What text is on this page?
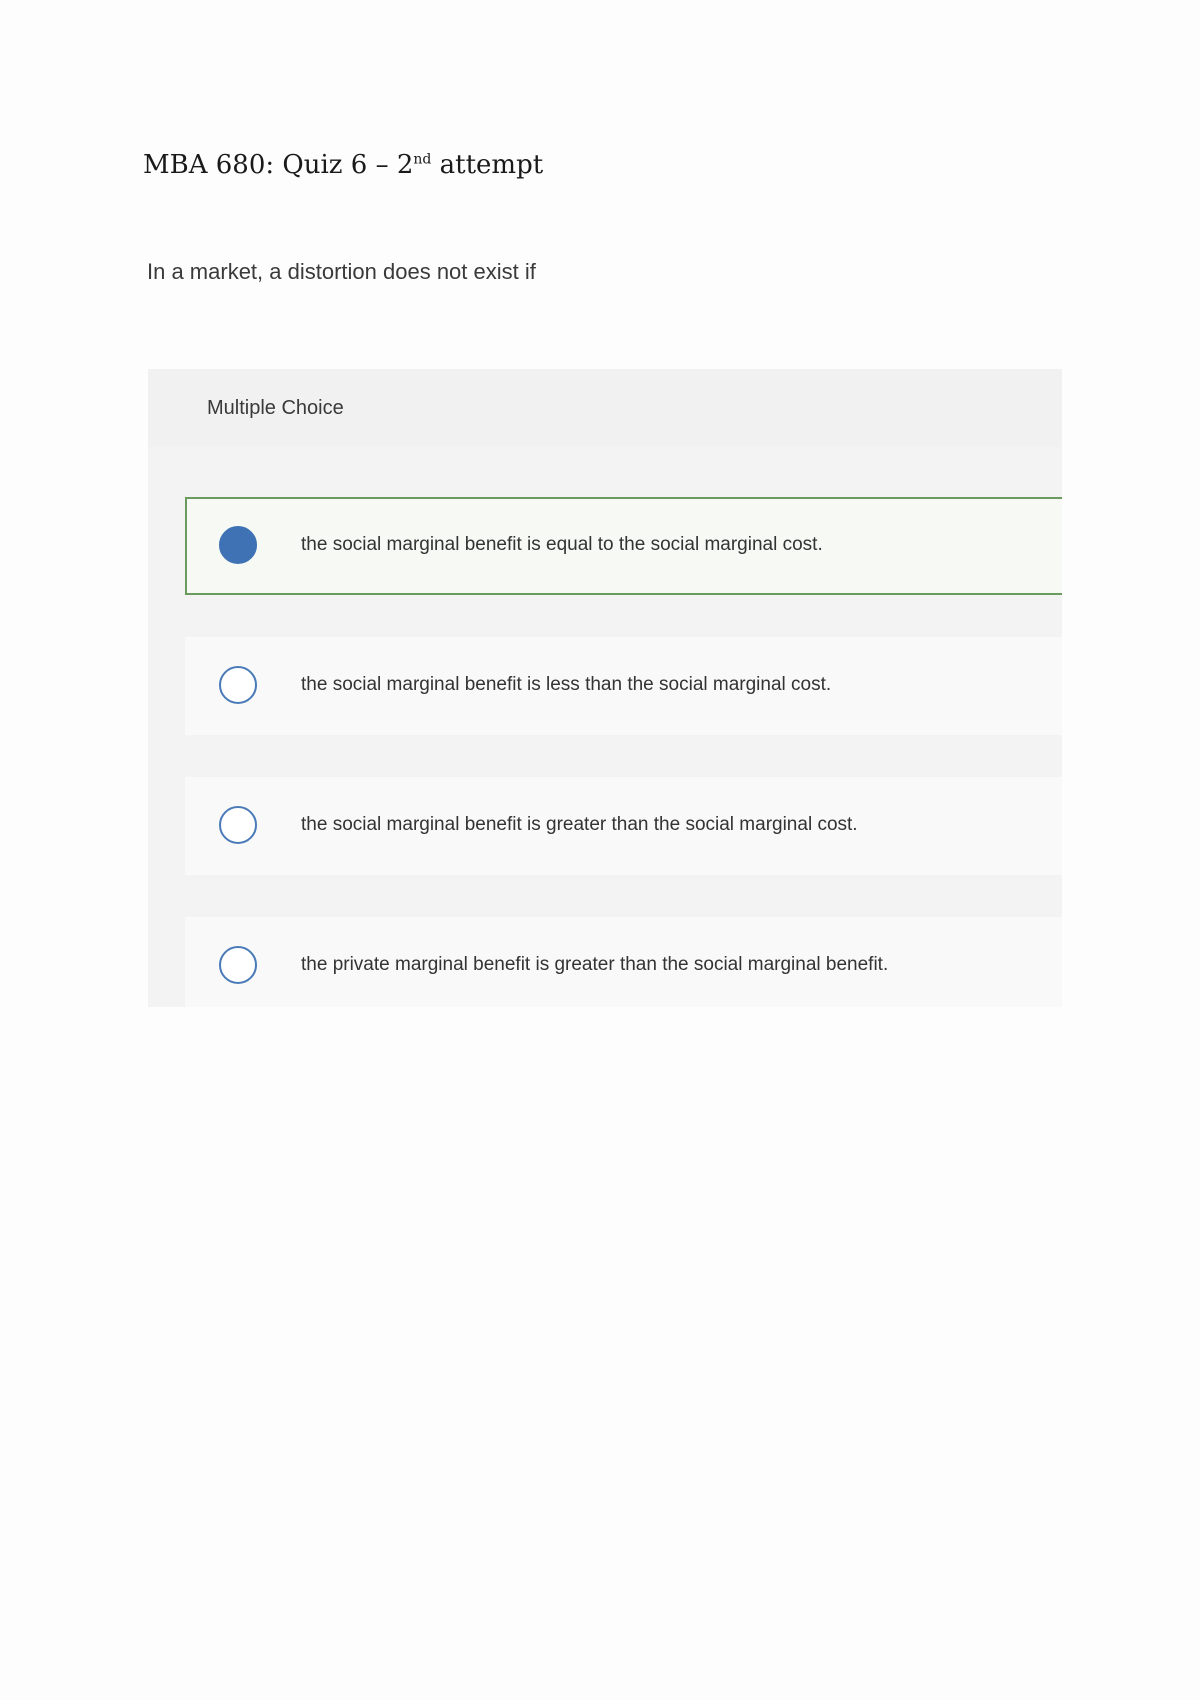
MBA 680: Quiz 6 – 2nd attempt
In a market, a distortion does not exist if
Multiple Choice
the social marginal benefit is equal to the social marginal cost.
the social marginal benefit is less than the social marginal cost.
the social marginal benefit is greater than the social marginal cost.
the private marginal benefit is greater than the social marginal benefit.
